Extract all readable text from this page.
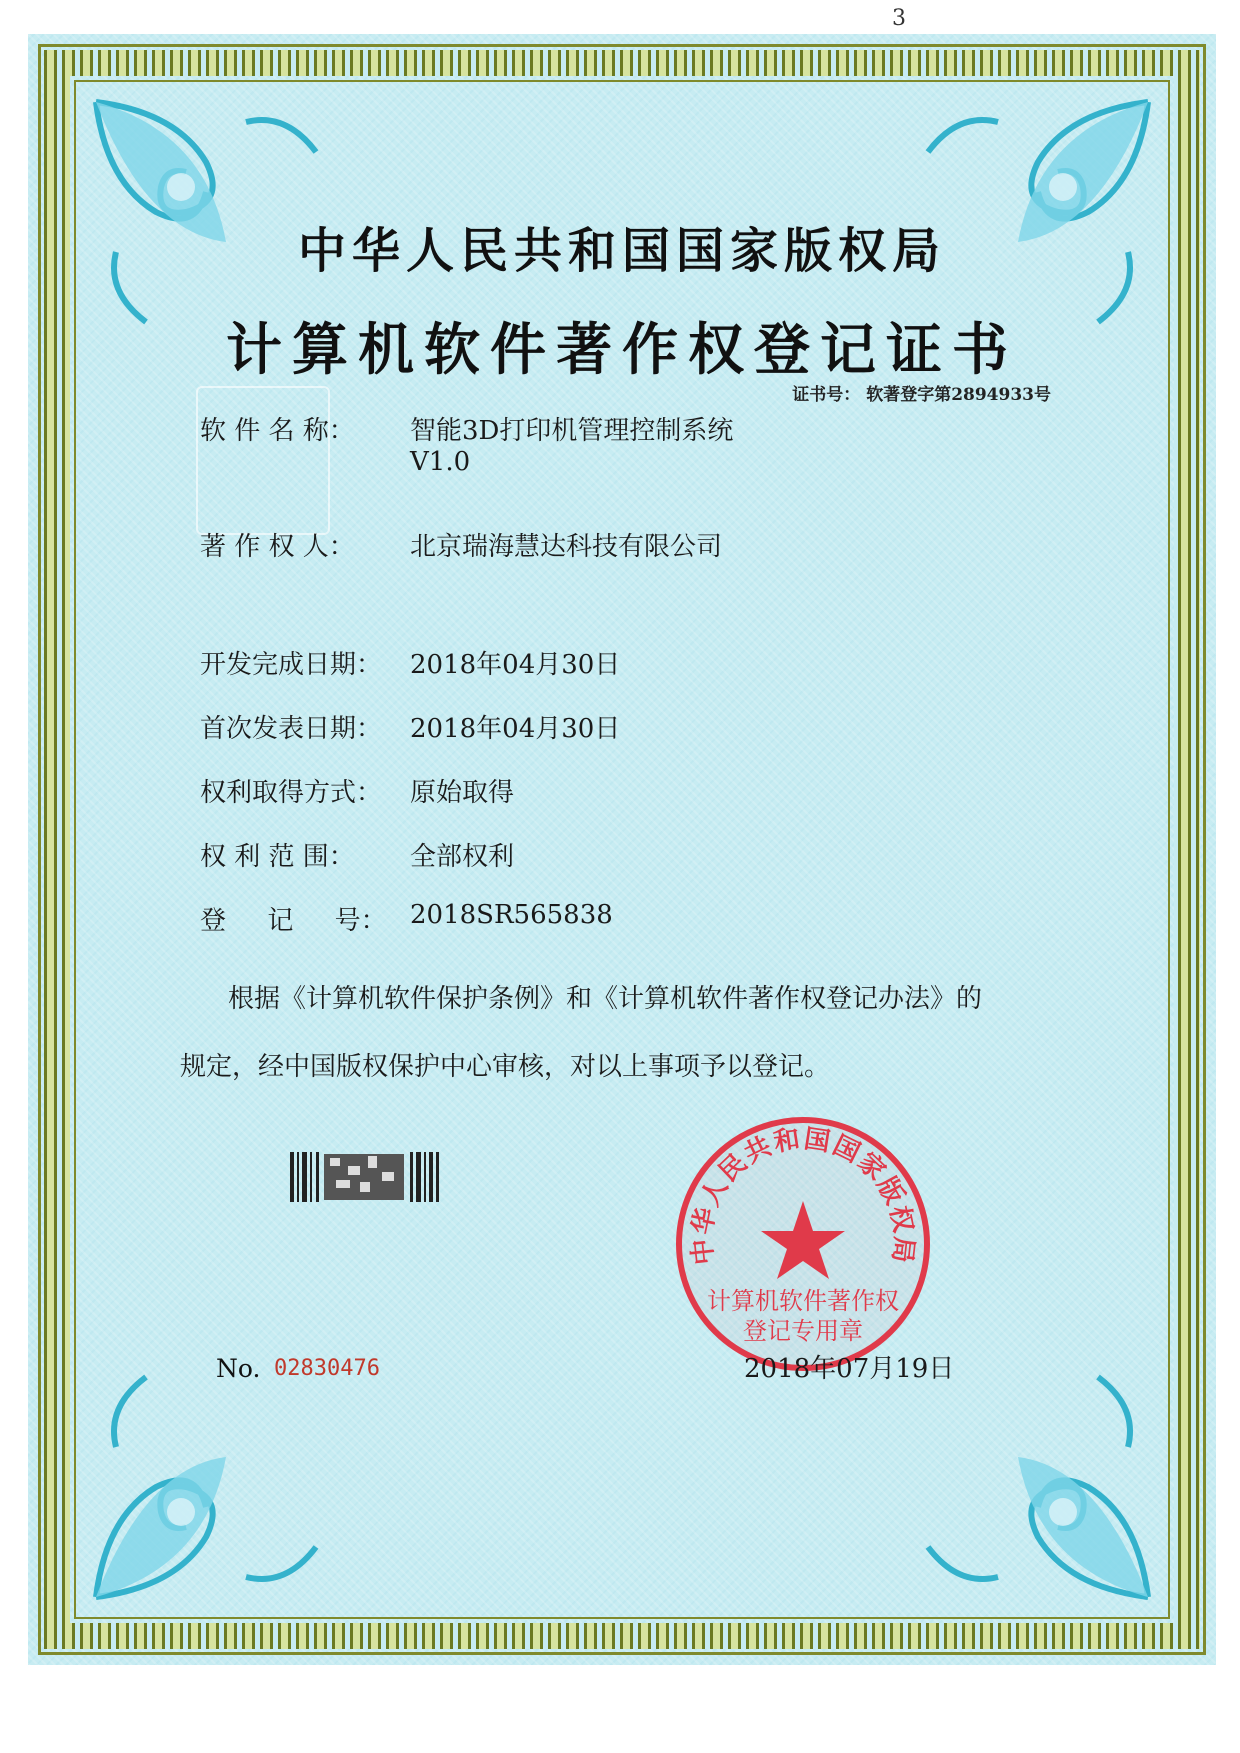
中华人民共和国国家版权局
计算机软件著作权登记证书
证书号： 软著登字第2894933号
软 件 名 称： 智能3D打印机管理控制系统
V1.0
著 作 权 人： 北京瑞海慧达科技有限公司
开发完成日期： 2018年04月30日
首次发表日期： 2018年04月30日
权利取得方式： 原始取得
权 利 范 围： 全部权利
登     记     号： 2018SR565838
根据《计算机软件保护条例》和《计算机软件著作权登记办法》的
规定，经中国版权保护中心审核，对以上事项予以登记。
中华人民共和国国家版权局
计算机软件著作权
登记专用章
No. 02830476	2018年07月19日
3
